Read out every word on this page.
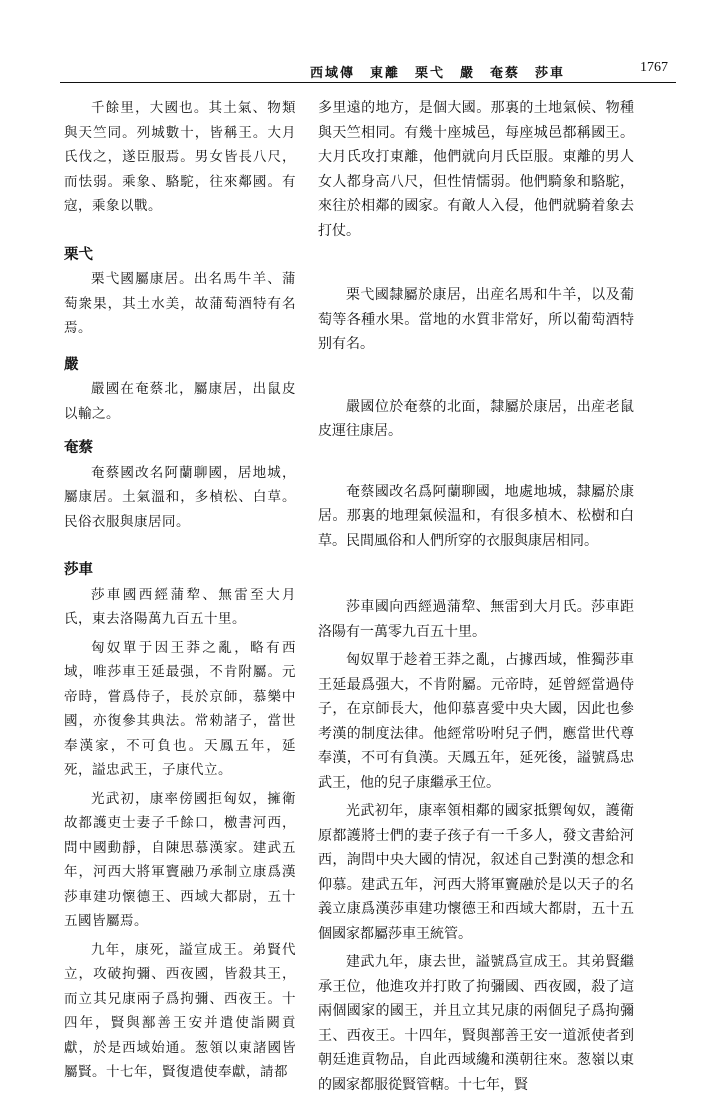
西域傳　東離　栗弋　嚴　奄蔡　莎車	1767

千餘里，大國也。其土氣、物類與天竺同。列城數十，皆稱王。大月氏伐之，遂臣服焉。男女皆長八尺，而怯弱。乘象、駱駝，往來鄰國。有寇，乘象以戰。

栗弋

栗弋國屬康居。出名馬牛羊、蒲萄衆果，其土水美，故蒲萄酒特有名焉。

嚴

嚴國在奄蔡北，屬康居，出鼠皮以輸之。

奄蔡

奄蔡國改名阿蘭聊國，居地城，屬康居。土氣溫和，多楨松、白草。民俗衣服與康居同。

莎車

莎車國西經蒲犂、無雷至大月氏，東去洛陽萬九百五十里。

匈奴單于因王莽之亂，略有西域，唯莎車王延最强，不肯附屬。元帝時，嘗爲侍子，長於京師，慕樂中國，亦復參其典法。常勑諸子，當世奉漢家，不可負也。天鳳五年，延死，謚忠武王，子康代立。

光武初，康率傍國拒匈奴，擁衛故都護吏士妻子千餘口，檄書河西，問中國動靜，自陳思慕漢家。建武五年，河西大將軍竇融乃承制立康爲漢莎車建功懷德王、西域大都尉，五十五國皆屬焉。

九年，康死，謚宣成王。弟賢代立，攻破拘彌、西夜國，皆殺其王，而立其兄康兩子爲拘彌、西夜王。十四年，賢與鄯善王安并遣使詣闕貢獻，於是西域始通。葱領以東諸國皆屬賢。十七年，賢復遣使奉獻，請都

多里遠的地方，是個大國。那裏的土地氣候、物種與天竺相同。有幾十座城邑，每座城邑都稱國王。大月氏攻打東離，他們就向月氏臣服。東離的男人女人都身高八尺，但性情懦弱。他們騎象和駱駝，來往於相鄰的國家。有敵人入侵，他們就騎着象去打仗。

栗弋國隸屬於康居，出産名馬和牛羊，以及葡萄等各種水果。當地的水質非常好，所以葡萄酒特别有名。

嚴國位於奄蔡的北面，隸屬於康居，出産老鼠皮運往康居。

奄蔡國改名爲阿蘭聊國，地處地城，隸屬於康居。那裏的地理氣候温和，有很多楨木、松樹和白草。民間風俗和人們所穿的衣服與康居相同。

莎車國向西經過蒲犂、無雷到大月氏。莎車距洛陽有一萬零九百五十里。

匈奴單于趁着王莽之亂，占據西域，惟獨莎車王延最爲强大，不肯附屬。元帝時，延曾經當過侍子，在京師長大，他仰慕喜愛中央大國，因此也參考漢的制度法律。他經常吩咐兒子們，應當世代尊奉漢，不可有負漢。天鳳五年，延死後，謚號爲忠武王，他的兒子康繼承王位。

光武初年，康率領相鄰的國家抵禦匈奴，護衛原都護將士們的妻子孩子有一千多人，發文書給河西，詢問中央大國的情况，叙述自己對漢的想念和仰慕。建武五年，河西大將軍竇融於是以天子的名義立康爲漢莎車建功懷德王和西域大都尉，五十五個國家都屬莎車王統管。

建武九年，康去世，謚號爲宣成王。其弟賢繼承王位，他進攻并打敗了拘彌國、西夜國，殺了這兩個國家的國王，并且立其兄康的兩個兒子爲拘彌王、西夜王。十四年，賢與鄯善王安一道派使者到朝廷進貢物品，自此西域纔和漢朝往來。葱嶺以東的國家都服從賢管轄。十七年，賢
